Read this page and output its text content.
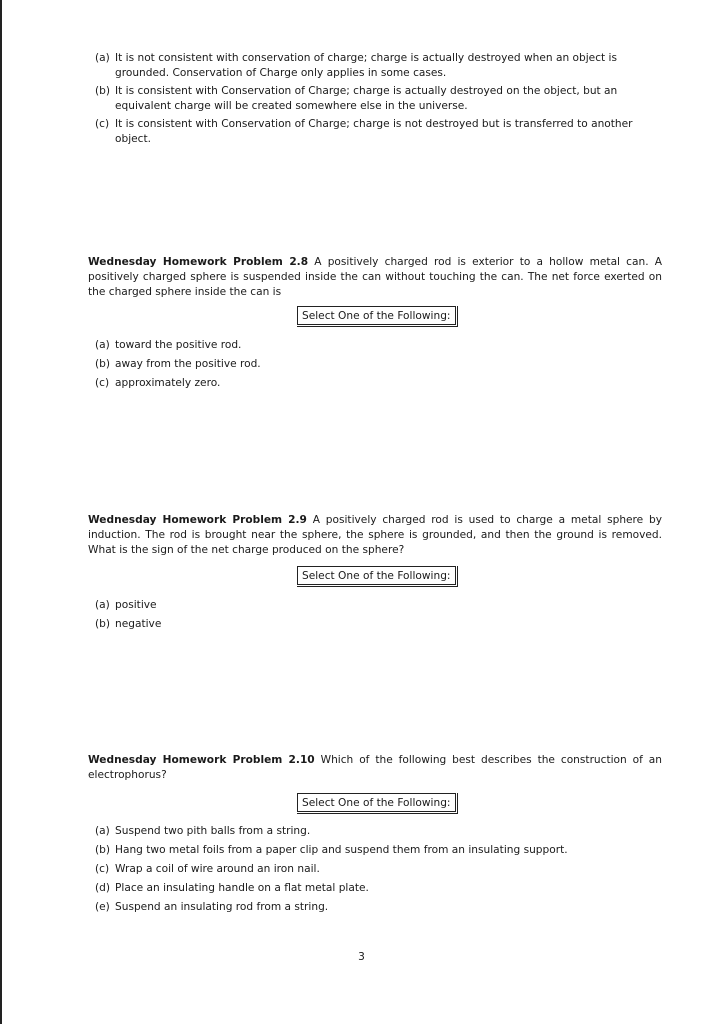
(a) It is not consistent with conservation of charge; charge is actually destroyed when an object is grounded. Conservation of Charge only applies in some cases.
(b) It is consistent with Conservation of Charge; charge is actually destroyed on the object, but an equivalent charge will be created somewhere else in the universe.
(c) It is consistent with Conservation of Charge; charge is not destroyed but is transferred to another object.

Wednesday Homework Problem 2.8 A positively charged rod is exterior to a hollow metal can. A positively charged sphere is suspended inside the can without touching the can. The net force exerted on the charged sphere inside the can is

Select One of the Following:
(a) toward the positive rod.
(b) away from the positive rod.
(c) approximately zero.

Wednesday Homework Problem 2.9 A positively charged rod is used to charge a metal sphere by induction. The rod is brought near the sphere, the sphere is grounded, and then the ground is removed. What is the sign of the net charge produced on the sphere?

Select One of the Following:
(a) positive
(b) negative

Wednesday Homework Problem 2.10 Which of the following best describes the construction of an electrophorus?

Select One of the Following:
(a) Suspend two pith balls from a string.
(b) Hang two metal foils from a paper clip and suspend them from an insulating support.
(c) Wrap a coil of wire around an iron nail.
(d) Place an insulating handle on a flat metal plate.
(e) Suspend an insulating rod from a string.
3
